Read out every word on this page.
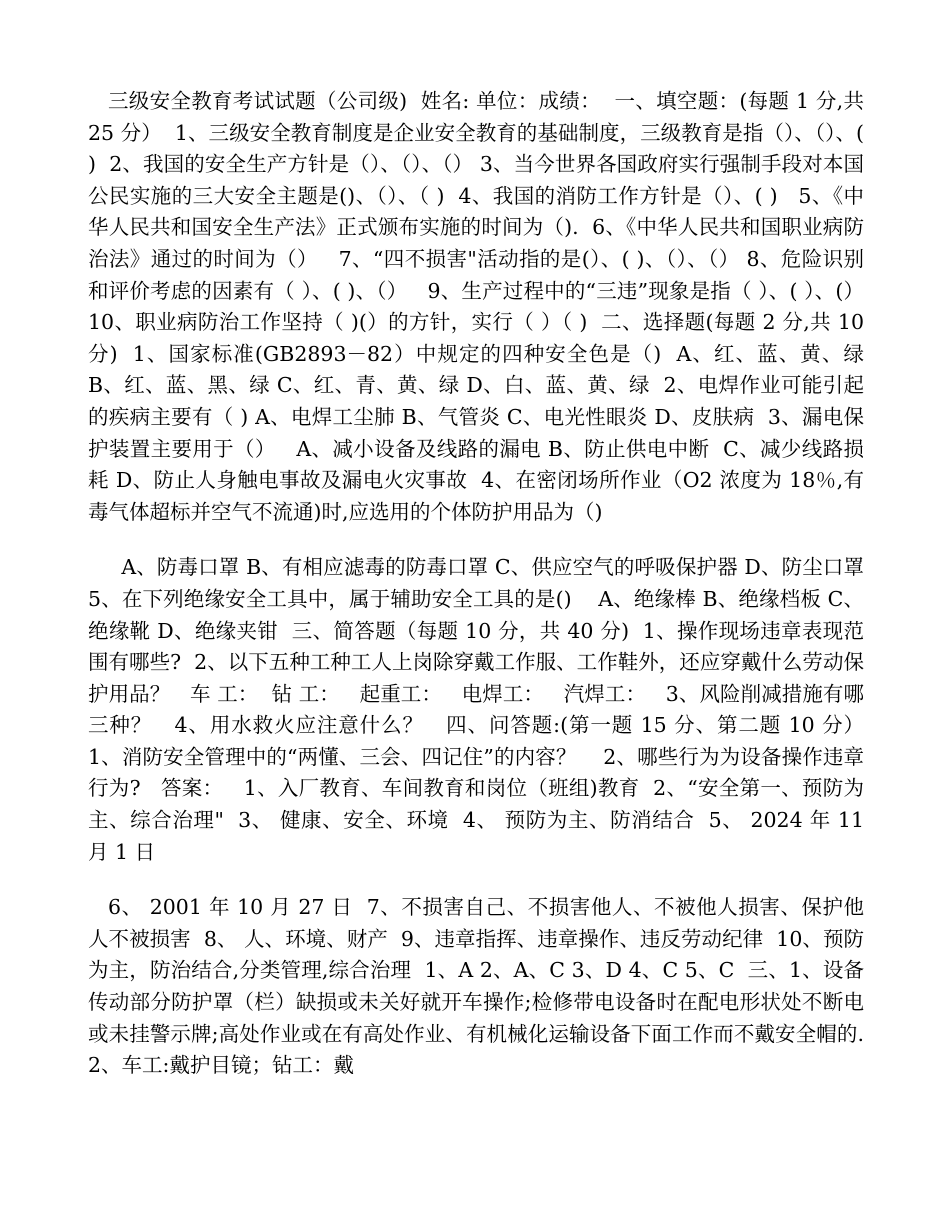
三级安全教育考试试题（公司级)  姓名: 单位：成绩：  一、填空题：(每题 1 分,共 25 分）  1、三级安全教育制度是企业安全教育的基础制度，三级教育是指（）、（）、( )  2、我国的安全生产方针是（）、（）、（） 3、当今世界各国政府实行强制手段对本国公民实施的三大安全主题是()、（）、（ )  4、我国的消防工作方针是（）、( )   5、《中华人民共和国安全生产法》正式颁布实施的时间为（).  6、《中华人民共和国职业病防治法》通过的时间为（）   7、“四不损害"活动指的是(）、( )、（）、（） 8、危险识别和评价考虑的因素有（ ）、( )、（）   9、生产过程中的“三违”现象是指（ ）、( ）、(）   10、职业病防治工作坚持（ )(）的方针，实行（ ）（ )  二、选择题(每题 2 分,共 10 分)  1、国家标准(GB2893－82）中规定的四种安全色是（)  A、红、蓝、黄、绿 B、红、蓝、黑、绿 C、红、青、黄、绿 D、白、蓝、黄、绿  2、电焊作业可能引起的疾病主要有（ ) A、电焊工尘肺 B、气管炎 C、电光性眼炎 D、皮肤病  3、漏电保护装置主要用于（）   A、减小设备及线路的漏电 B、防止供电中断  C、减少线路损耗 D、防止人身触电事故及漏电火灾事故  4、在密闭场所作业（O2 浓度为 18％,有毒气体超标并空气不流通)时,应选用的个体防护用品为（)

A、防毒口罩 B、有相应滤毒的防毒口罩 C、供应空气的呼吸保护器 D、防尘口罩  5、在下列绝缘安全工具中，属于辅助安全工具的是()    A、绝缘棒 B、绝缘档板 C、绝缘靴 D、绝缘夹钳  三、简答题（每题 10 分，共 40 分)  1、操作现场违章表现范围有哪些?  2、以下五种工种工人上岗除穿戴工作服、工作鞋外，还应穿戴什么劳动保护用品？   车 工：  钻 工：   起重工：   电焊工：   汽焊工：   3、风险削减措施有哪三种？   4、用水救火应注意什么？   四、问答题:(第一题 15 分、第二题 10 分）   1、消防安全管理中的“两懂、三会、四记住”的内容？    2、哪些行为为设备操作违章行为?   答案：   1、入厂教育、车间教育和岗位（班组)教育  2、“安全第一、预防为主、综合治理"  3、 健康、安全、环境  4、 预防为主、防消结合  5、 2024 年 11 月 1 日

6、 2001 年 10 月 27 日  7、不损害自己、不损害他人、不被他人损害、保护他人不被损害  8、 人、环境、财产  9、违章指挥、违章操作、违反劳动纪律  10、预防为主，防治结合,分类管理,综合治理  1、A 2、A、C 3、D 4、C 5、C  三、1、设备传动部分防护罩（栏）缺损或未关好就开车操作;检修带电设备时在配电形状处不断电或未挂警示牌;高处作业或在有高处作业、有机械化运输设备下面工作而不戴安全帽的.  2、车工:戴护目镜；钻工：戴
